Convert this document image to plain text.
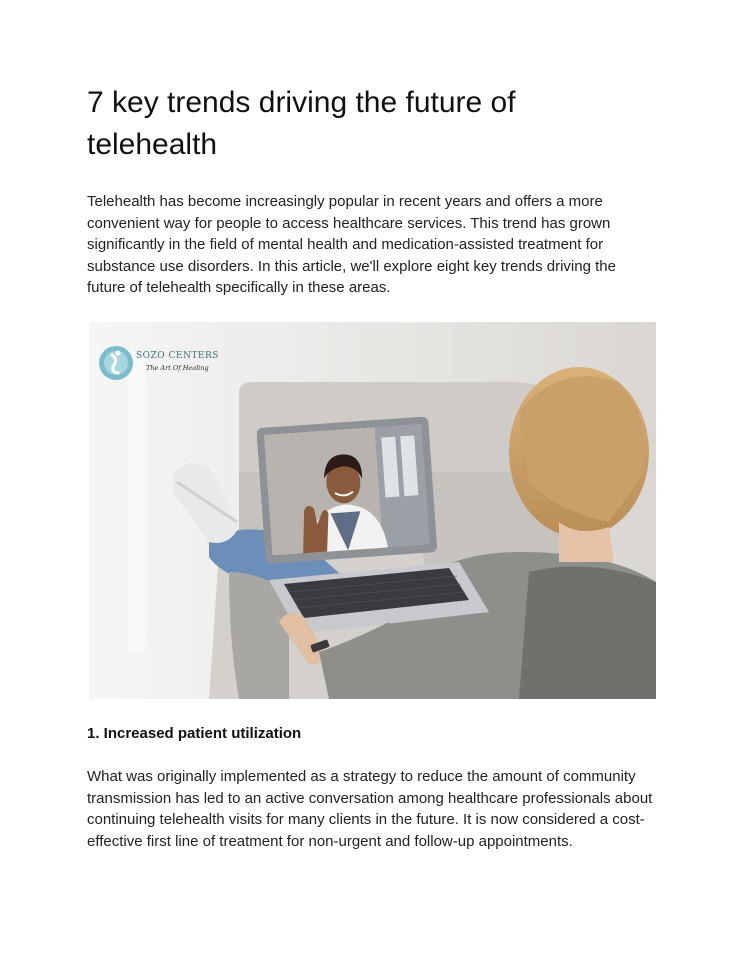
7 key trends driving the future of telehealth

Telehealth has become increasingly popular in recent years and offers a more convenient way for people to access healthcare services. This trend has grown significantly in the field of mental health and medication-assisted treatment for substance use disorders. In this article, we'll explore eight key trends driving the future of telehealth specifically in these areas.

SOZO CENTERS
The Art Of Healing
1. Increased patient utilization

What was originally implemented as a strategy to reduce the amount of community transmission has led to an active conversation among healthcare professionals about continuing telehealth visits for many clients in the future. It is now considered a cost-effective first line of treatment for non-urgent and follow-up appointments.
